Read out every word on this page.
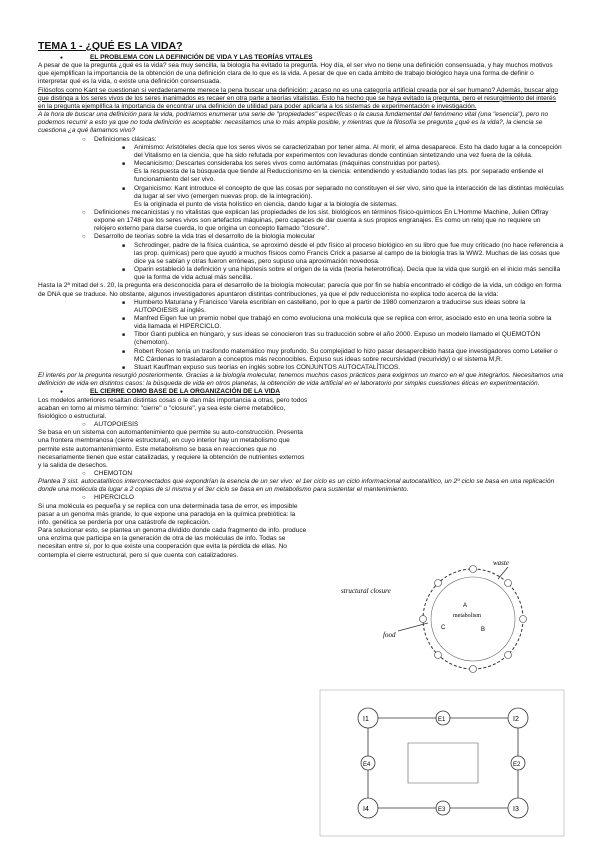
TEMA 1 - ¿QUÉ ES LA VIDA?

● EL PROBLEMA CON LA DEFINICIÓN DE VIDA Y LAS TEORÍAS VITALES

A pesar de que la pregunta ¿qué es la vida? sea muy sencilla, la biología ha evitado la pregunta. Hoy día, el ser vivo no tiene una definición consensuada, y hay muchos motivos que ejemplifican la importancia de la obtención de una definición clara de lo que es la vida. A pesar de que en cada ámbito de trabajo biológico haya una forma de definir o interpretar qué es la vida, o existe una definición consensuada.

Filósofos como Kant se cuestionan si verdaderamente merece la pena buscar una definición: ¿acaso no es una categoría artificial creada por el ser humano? Además, buscar algo que distinga a los seres vivos de los seres inanimados es recaer en otra parte a teorías vitalistas. Esto ha hecho que se haya evitado la pregunta, pero el resurgimiento del interés en la pregunta ejemplifica la importancia de encontrar una definición de utilidad para poder aplicarla a los sistemas de experimentación e investigación.

A la hora de buscar una definición para la vida, podríamos enumerar una serie de "propiedades" específicas o la causa fundamental del fenómeno vital (una "esencia"), pero no podemos recurrir a esto ya que no toda definición es aceptable: necesitamos una lo más amplia posible, y mientras que la filosofía se pregunta ¿qué es la vida?, la ciencia se cuestiona ¿a qué llamamos vivo?

○ Definiciones clásicas:

■ Animismo: Aristóteles decía que los seres vivos se caracterizaban por tener alma. Al morir, el alma desaparece. Esto ha dado lugar a la concepción del Vitalismo en la ciencia, que ha sido refutada por experimentos con levaduras donde continúan sintetizando una vez fuera de la célula.

■ Mecanicismo: Descartes consideraba los seres vivos como autómatas (máquinas construidas por partes).

Es la respuesta de la búsqueda que tiende al Reduccionismo en la ciencia: entendiendo y estudiando todas las pts. por separado entiende el funcionamiento del ser vivo.

■ Organicismo: Kant introduce el concepto de que las cosas por separado no constituyen el ser vivo, sino que la interacción de las distintas moléculas da lugar al ser vivo (emergen nuevas prop. de la integración).

Es la originada el punto de vista holístico en ciencia, dando lugar a la biología de sistemas.

○ Definiciones mecanicistas y no vitalistas que explican las propiedades de los sist. biológicos en términos físico-químicos En L'Homme Machine, Julien Offray expone en 1748 que los seres vivos son artefactos máquinas, pero capaces de dar cuenta a sus propios engranajes. Es como un reloj que no requiere un relojero externo para darse cuerda, lo que origina un concepto llamado "closure".

○ Desarrollo de teorías sobre la vida tras el desarrollo de la biología molecular

■ Schrodinger, padre de la física cuántica, se aproximó desde el pdv físico al proceso biológico en su libro que fue muy criticado (no hace referencia a las prop. químicas) pero que ayudó a muchos físicos como Francis Crick a pasarse al campo de la biología tras la WW2. Muchas de las cosas que dice ya se sabían y otras fueron erróneas, pero supuso una aproximación novedosa.

■ Oparin estableció la definición y una hipótesis sobre el origen de la vida (teoría heterotrófica). Decía que la vida que surgió en el inicio más sencilla que la forma de vida actual más sencilla.

Hasta la 2ª mitad del s. 20, la pregunta era desconocida para el desarrollo de la biología molecular; parecía que por fin se había encontrado el código de la vida, un código en forma de DNA que se traduce. No obstante, algunos investigadores apuntaron distintas contribuciones, ya que el pdv reduccionista no explica todo acerca de la vida:

■ Humberto Maturana y Francisco Varela escribían en castellano, por lo que a partir de 1980 comenzaron a traducirse sus ideas sobre la AUTOPOIESIS al inglés.

■ Manfred Eigen fue un premio nobel que trabajó en como evoluciona una molécula que se replica con error, asociado esto en una teoría sobre la vida llamada el HIPERCICLO.

■ Tibor Ganti publica en húngaro, y sus ideas se conocieron tras su traducción sobre el año 2000. Expuso un modelo llamado el QUEMOTÓN (chemoton).

■ Robert Rosen tenía un trasfondo matemático muy profundo. Su complejidad lo hizo pasar desapercibido hasta que investigadores como Letelier o MC Cárdenas lo trasladaron a conceptos más reconocibles. Expuso sus ideas sobre recursividad (recurividy) o el sistema M,R.

■ Stuart Kauffman expuso sus teorías en inglés sobre los CONJUNTOS AUTOCATALÍTICOS.

El interés por la pregunta resurgió posteriormente. Gracias a la biología molecular, tenemos muchos casos prácticos para exigirnos un marco en el que integrarlos. Necesitamos una definición de vida en distintos casos: la búsqueda de vida en otros planetas, la obtención de vida artificial en el laboratorio por simples cuestiones éticas en experimentación.

● EL CIERRE COMO BASE DE LA ORGANIZACIÓN DE LA VIDA

Los modelos anteriores resaltan distintas cosas o le dan más importancia a otras, pero todos acaban en torno al mismo término: "cierre" o "closure", ya sea este cierre metabólico, fisiológico o estructural.

○ AUTOPOIESIS

Se basa en un sistema con automantenimiento que permite su auto-construcción. Presenta una frontera membranosa (cierre estructural), en cuyo interior hay un metabolismo que permite este automantenimiento. Este metabolismo se basa en reacciones que no necesariamente tienen que estar catalizadas, y requiere la obtención de nutrientes externos y la salida de desechos.

○ CHEMOTON

Plantea 3 sist. autocatalíticos interconectados que expondrían la esencia de un ser vivo: el 1er ciclo es un ciclo informacional autocatalítico, un 2º ciclo se basa en una replicación donde una molécula da lugar a 2 copias de sí misma y el 3er ciclo se basa en un metabolismo para sustentar el mantenimiento.

○ HIPERCICLO

Si una molécula es pequeña y se replica con una determinada tasa de error, es imposible pasar a un genoma más grande, lo que expone una paradoja en la química prebiótica: la info. genética se perdería por una catástrofe de replicación.

Para solucionar esto, se plantea un genoma dividido donde cada fragmento de info. produce una enzima que participa en la generación de otra de las moléculas de info. Todas se necesitan entre sí, por lo que existe una cooperación que evita la pérdida de ellas. No contempla el cierre estructural, pero sí que cuenta con catalizadores.

structural closure
metabolism
waste
food
A
B
C
I1	I2
I3
I4
E1
E2
E3
E4
